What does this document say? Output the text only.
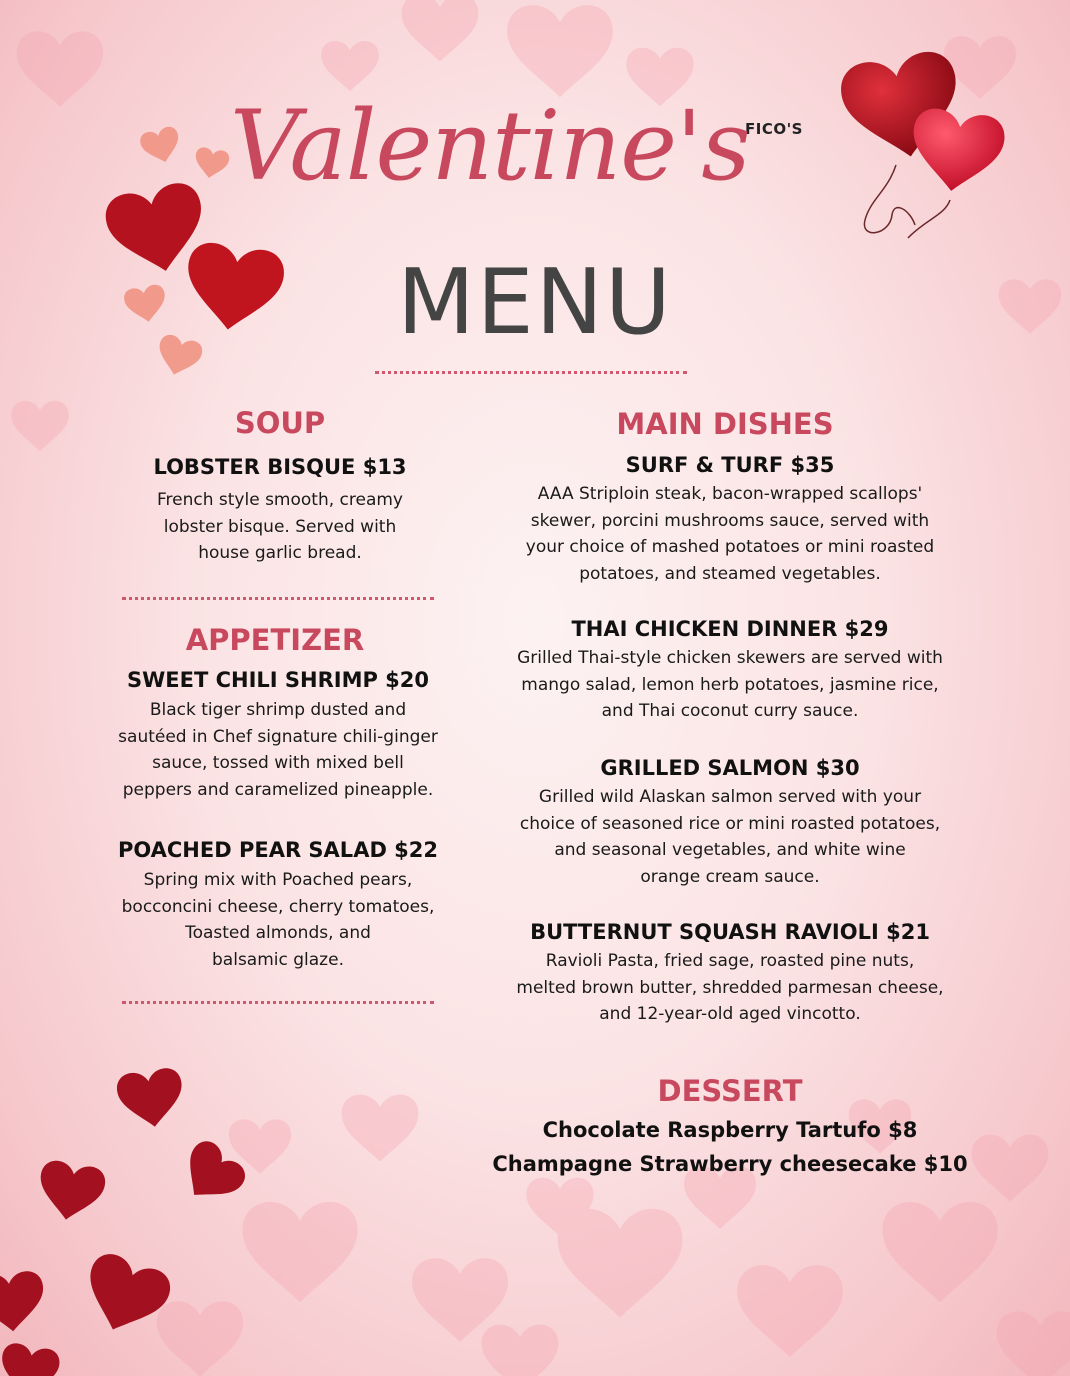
FICO'S
Valentine's
MENU
SOUP
LOBSTER BISQUE $13
French style smooth, creamy
lobster bisque. Served with
house garlic bread.
APPETIZER
SWEET CHILI SHRIMP $20
Black tiger shrimp dusted and
sautéed in Chef signature chili-ginger
sauce, tossed with mixed bell
peppers and caramelized pineapple.
POACHED PEAR SALAD $22
Spring mix with Poached pears,
bocconcini cheese, cherry tomatoes,
Toasted almonds, and
balsamic glaze.
MAIN DISHES
SURF & TURF $35
AAA Striploin steak, bacon-wrapped scallops'
skewer, porcini mushrooms sauce, served with
your choice of mashed potatoes or mini roasted
potatoes, and steamed vegetables.
THAI CHICKEN DINNER $29
Grilled Thai-style chicken skewers are served with
mango salad, lemon herb potatoes, jasmine rice,
and Thai coconut curry sauce.
GRILLED SALMON $30
Grilled wild Alaskan salmon served with your
choice of seasoned rice or mini roasted potatoes,
and seasonal vegetables, and white wine
orange cream sauce.
BUTTERNUT SQUASH RAVIOLI $21
Ravioli Pasta, fried sage, roasted pine nuts,
melted brown butter, shredded parmesan cheese,
and 12-year-old aged vincotto.
DESSERT
Chocolate Raspberry Tartufo $8
Champagne Strawberry cheesecake $10
